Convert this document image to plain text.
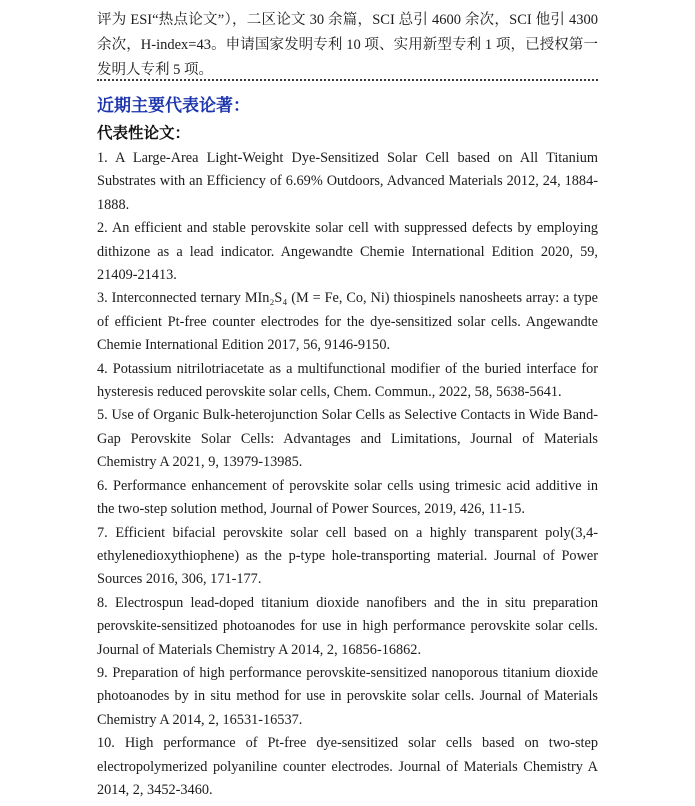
评为 ESI“热点论文”），二区论文 30 余篇，SCI 总引 4600 余次，SCI 他引 4300 余次，H-index=43。申请国家发明专利 10 项、实用新型专利 1 项，已授权第一发明人专利 5 项。

近期主要代表论著：
代表性论文：

1. A Large-Area Light-Weight Dye-Sensitized Solar Cell based on All Titanium Substrates with an Efficiency of 6.69% Outdoors, Advanced Materials 2012, 24, 1884-1888.

2. An efficient and stable perovskite solar cell with suppressed defects by employing dithizone as a lead indicator. Angewandte Chemie International Edition 2020, 59, 21409-21413.

3. Interconnected ternary MIn₂S₄ (M = Fe, Co, Ni) thiospinels nanosheets array: a type of efficient Pt-free counter electrodes for the dye-sensitized solar cells. Angewandte Chemie International Edition 2017, 56, 9146-9150.

4. Potassium nitrilotriacetate as a multifunctional modifier of the buried interface for hysteresis reduced perovskite solar cells, Chem. Commun., 2022, 58, 5638-5641.

5. Use of Organic Bulk-heterojunction Solar Cells as Selective Contacts in Wide Band-Gap Perovskite Solar Cells: Advantages and Limitations, Journal of Materials Chemistry A 2021, 9, 13979-13985.

6. Performance enhancement of perovskite solar cells using trimesic acid additive in the two-step solution method, Journal of Power Sources, 2019, 426, 11-15.

7. Efficient bifacial perovskite solar cell based on a highly transparent poly(3,4-ethylenedioxythiophene) as the p-type hole-transporting material. Journal of Power Sources 2016, 306, 171-177.

8. Electrospun lead-doped titanium dioxide nanofibers and the in situ preparation perovskite-sensitized photoanodes for use in high performance perovskite solar cells. Journal of Materials Chemistry A 2014, 2, 16856-16862.

9. Preparation of high performance perovskite-sensitized nanoporous titanium dioxide photoanodes by in situ method for use in perovskite solar cells. Journal of Materials Chemistry A 2014, 2, 16531-16537.

10. High performance of Pt-free dye-sensitized solar cells based on two-step electropolymerized polyaniline counter electrodes. Journal of Materials Chemistry A 2014, 2, 3452-3460.
